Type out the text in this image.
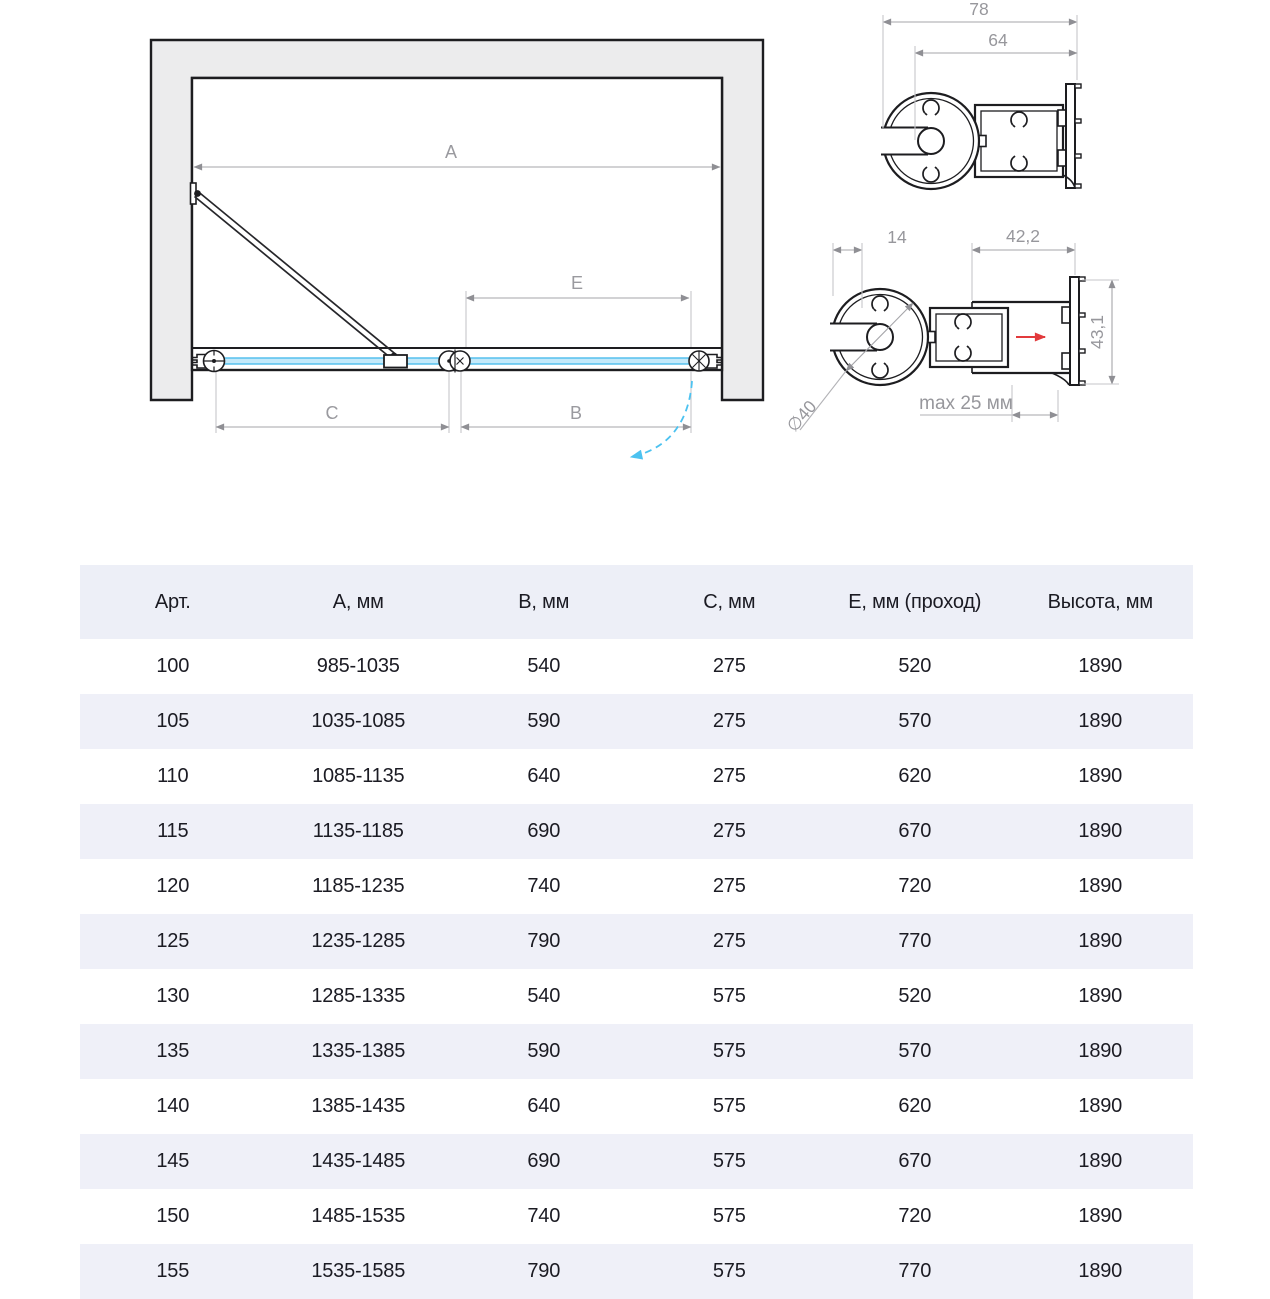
A
E
C	B
78
64
14	42,2
43,1
∅40	max 25 мм
Арт.	А, мм	В, мм	С, мм	Е, мм (проход)	Высота, мм
100	985-1035	540	275	520	1890
105	1035-1085	590	275	570	1890
110	1085-1135	640	275	620	1890
115	1135-1185	690	275	670	1890
120	1185-1235	740	275	720	1890
125	1235-1285	790	275	770	1890
130	1285-1335	540	575	520	1890
135	1335-1385	590	575	570	1890
140	1385-1435	640	575	620	1890
145	1435-1485	690	575	670	1890
150	1485-1535	740	575	720	1890
155	1535-1585	790	575	770	1890
